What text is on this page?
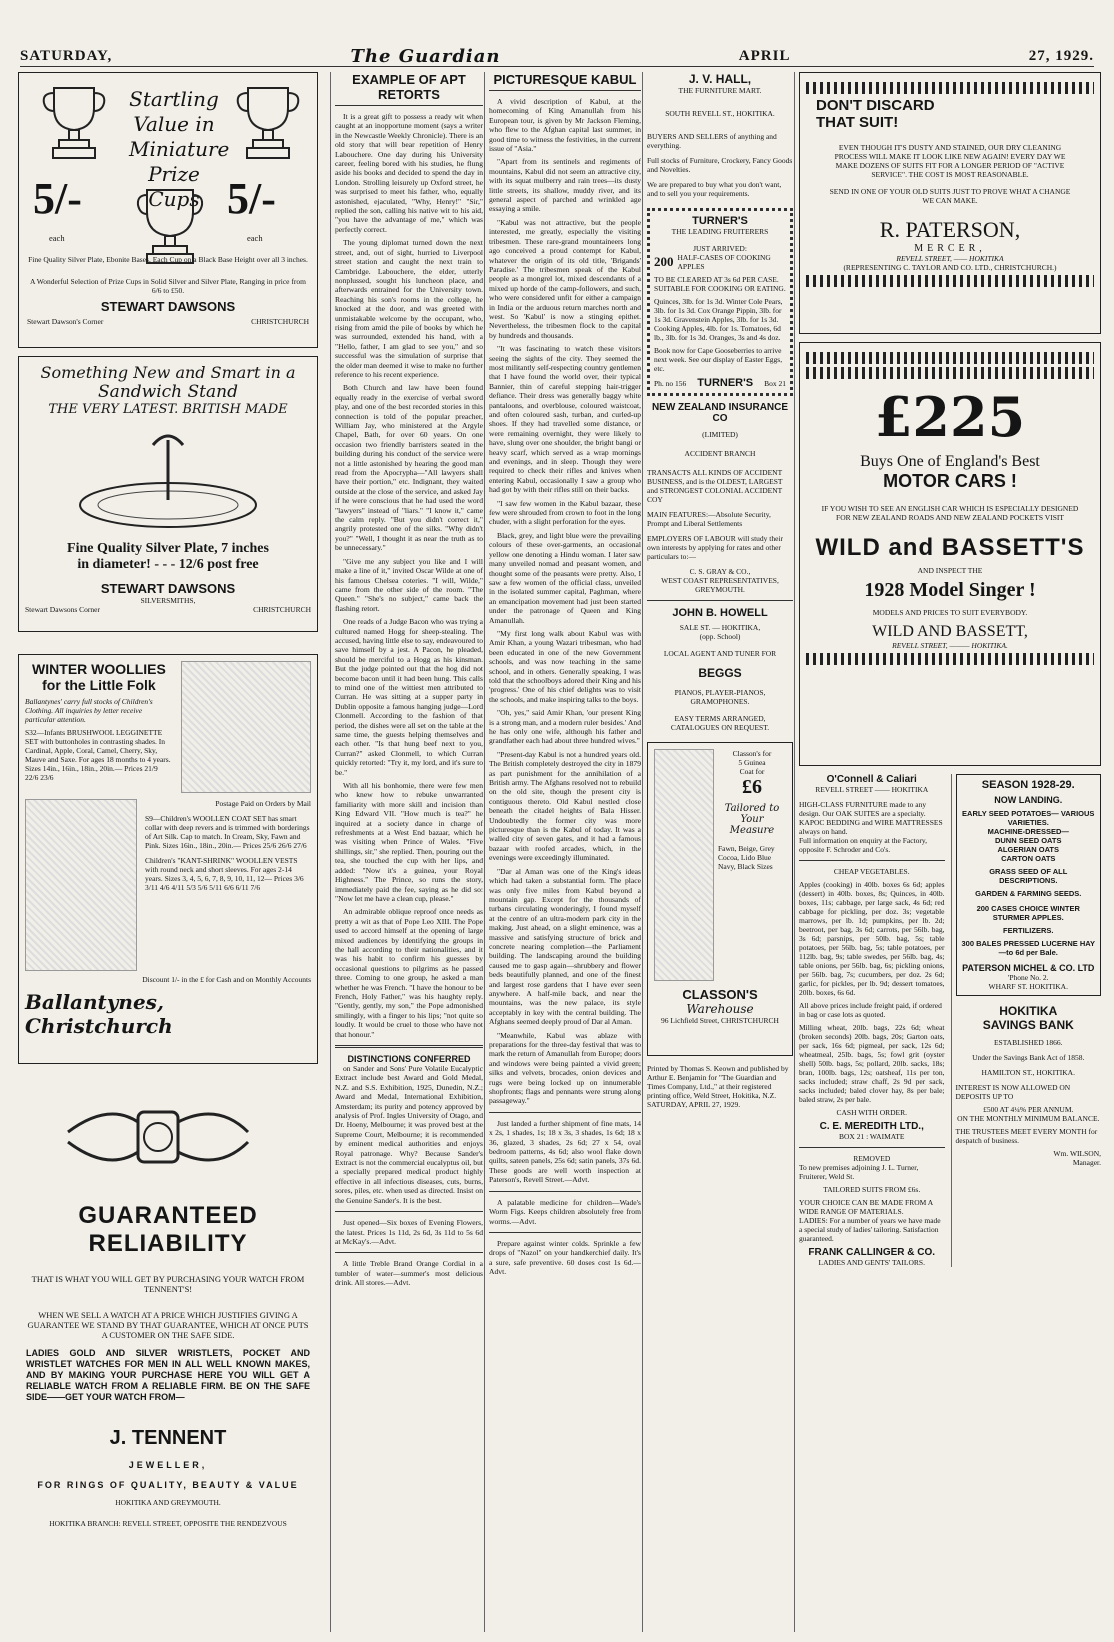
SATURDAY,	The Guardian	APRIL	27, 1929.
Startling
Value in
Miniature
Prize Cups
5/-	5/-
each	each
Fine Quality Silver Plate, Ebonite Bases. Each Cup on a Black Base Height over all 3 inches.
A Wonderful Selection of Prize Cups in Solid Silver and Silver Plate, Ranging in price from 6/6 to £50.
STEWART DAWSONS
Stewart Dawson's Corner	CHRISTCHURCH
Something New and Smart in a
Sandwich Stand
THE VERY LATEST. BRITISH MADE
Fine Quality Silver Plate, 7 inches
in diameter! - - - 12/6 post free
STEWART DAWSONS
SILVERSMITHS,
Stewart Dawsons Corner	CHRISTCHURCH
WINTER WOOLLIES
for the Little Folk
Ballantynes' carry full stocks of Children's Clothing. All inquiries by letter receive particular attention.
S32—Infants BRUSHWOOL LEGGINETTE SET with buttonholes in contrasting shades. In Cardinal, Apple, Coral, Camel, Cherry, Sky, Mauve and Saxe. For ages 18 months to 4 years. Sizes 14in., 16in., 18in., 20in.— Prices 21/9 22/6 23/6
Postage Paid on Orders by Mail
S9—Children's WOOLLEN COAT SET has smart collar with deep revers and is trimmed with borderings of Art Silk. Cap to match. In Cream, Sky, Fawn and Pink. Sizes 16in., 18in., 20in.— Prices 25/6 26/6 27/6
Children's "KANT-SHRINK" WOOLLEN VESTS with round neck and short sleeves. For ages 2-14 years. Sizes 3, 4, 5, 6, 7, 8, 9, 10, 11, 12— Prices 3/6 3/11 4/6 4/11 5/3 5/6 5/11 6/6 6/11 7/6
Discount 1/- in the £ for Cash and on Monthly Accounts
Ballantynes, Christchurch
GUARANTEED RELIABILITY
THAT IS WHAT YOU WILL GET BY PURCHASING YOUR WATCH FROM TENNENT'S!
WHEN WE SELL A WATCH AT A PRICE WHICH JUSTIFIES GIVING A GUARANTEE WE STAND BY THAT GUARANTEE, WHICH AT ONCE PUTS A CUSTOMER ON THE SAFE SIDE.
LADIES GOLD AND SILVER WRISTLETS, POCKET AND WRISTLET WATCHES FOR MEN IN ALL WELL KNOWN MAKES, AND BY MAKING YOUR PURCHASE HERE YOU WILL GET A RELIABLE WATCH FROM A RELIABLE FIRM. BE ON THE SAFE SIDE——GET YOUR WATCH FROM—
J. TENNENT
JEWELLER,
FOR RINGS OF QUALITY, BEAUTY & VALUE
HOKITIKA AND GREYMOUTH.
HOKITIKA BRANCH: REVELL STREET, OPPOSITE THE RENDEZVOUS
EXAMPLE OF APT RETORTS

It is a great gift to possess a ready wit when caught at an inopportune moment (says a writer in the Newcastle Weekly Chronicle). There is an old story that will bear repetition of Henry Labouchere. One day during his University career, feeling bored with his studies, he flung aside his books and decided to spend the day in London. Strolling leisurely up Oxford street, he was surprised to meet his father, who, equally astonished, ejaculated, "Why, Henry!" "Sir," replied the son, calling his native wit to his aid, "you have the advantage of me," which was perfectly correct.

The young diplomat turned down the next street, and, out of sight, hurried to Liverpool street station and caught the next train to Cambridge. Labouchere, the elder, utterly nonplussed, sought his luncheon place, and afterwards entrained for the University town. Reaching his son's rooms in the college, he knocked at the door, and was greeted with unmistakable welcome by the occupant, who, rising from amid the pile of books by which he was surrounded, extended his hand, with a "Hello, father, I am glad to see you," and so successful was the simulation of surprise that the older man deemed it wise to make no further reference to his recent experience.

Both Church and law have been found equally ready in the exercise of verbal sword play, and one of the best recorded stories in this connection is told of the popular preacher, William Jay, who ministered at the Argyle Chapel, Bath, for over 60 years. On one occasion two friendly barristers seated in the building during his conduct of the service were not a little astonished by hearing the good man read from the Apocrypha—"All lawyers shall have their portion," etc. Indignant, they waited outside at the close of the service, and asked Jay if he were conscious that he had used the word "lawyers" instead of "liars." "I know it," came the calm reply. "But you didn't correct it," angrily protested one of the silks. "Why didn't you?" "Well, I thought it as near the truth as to be unnecessary."

"Give me any subject you like and I will make a line of it," invited Oscar Wilde at one of his famous Chelsea coteries. "I will, Wilde," came from the other side of the room. "The Queen." "She's no subject," came back the flashing retort.

One reads of a Judge Bacon who was trying a cultured named Hogg for sheep-stealing. The accused, having little else to say, endeavoured to save himself by a jest. A Pacon, he pleaded, should be merciful to a Hogg as his kinsman. But the judge pointed out that the hog did not become bacon until it had been hung. This calls to mind one of the wittiest men attributed to Curran. He was sitting at a supper party in Dublin opposite a famous hanging judge—Lord Clonmell. According to the fashion of that period, the dishes were all set on the table at the same time, the guests helping themselves and each other. "Is that hung beef next to you, Curran?" asked Clonmell, to which Curran quickly retorted: "Try it, my lord, and it's sure to be."

With all his bonhomie, there were few men who knew how to rebuke unwarranted familiarity with more skill and incision than King Edward VII. "How much is tea?" he inquired at a society dance in charge of refreshments at a West End bazaar, which he was visiting when Prince of Wales. "Five shillings, sir," she replied. Then, pouring out the tea, she touched the cup with her lips, and added: "Now it's a guinea, your Royal Highness." The Prince, so runs the story, immediately paid the fee, saying as he did so: "Now let me have a clean cup, please."

An admirable oblique reproof once needs as pretty a wit as that of Pope Leo XIII. The Pope used to accord himself at the opening of large mixed audiences by identifying the groups in the hall according to their nationalities, and it was his habit to confirm his guesses by occasional questions to pilgrims as he passed three. Coming to one group, he asked a man whether he was French. "I have the honour to be French, Holy Father," was his haughty reply. "Gently, gently, my son," the Pope admonished smilingly, with a finger to his lips; "not quite so loudly. It would be cruel to those who have not that honour."

DISTINCTIONS CONFERRED

on Sander and Sons' Pure Volatile Eucalyptic Extract include best Award and Gold Medal, N.Z. and S.S. Exhibition, 1925, Dunedin, N.Z.; Award and Medal, International Exhibition, Amsterdam; its purity and potency approved by analysis of Prof. Ingles University of Otago, and Dr. Hoeny, Melbourne; it was proved best at the Supreme Court, Melbourne; it is recommended by eminent medical authorities and enjoys Royal patronage. Why? Because Sander's Extract is not the commercial eucalyptus oil, but a specially prepared medical product highly effective in all infectious diseases, cuts, burns, sores, piles, etc. when used as directed. Insist on the Genuine Sander's. It is the best.

Just opened—Six boxes of Evening Flowers, the latest. Prices 1s 11d, 2s 6d, 3s 11d to 5s 6d at McKay's.—Advt.

A little Treble Brand Orange Cordial in a tumbler of water—summer's most delicious drink. All stores.—Advt.

PICTURESQUE KABUL

A vivid description of Kabul, at the homecoming of King Amanullah from his European tour, is given by Mr Jackson Fleming, who flew to the Afghan capital last summer, in good time to witness the festivities, in the current issue of "Asia."

"Apart from its sentinels and regiments of mountains, Kabul did not seem an attractive city, with its squat mulberry and rain trees—its dusty little streets, its shallow, muddy river, and its general aspect of parched and wrinkled age essaying a smile.

"Kabul was not attractive, but the people interested, me greatly, especially the visiting tribesmen. These rare-grand mountaineers long ago conceived a proud contempt for Kabul, whatever the origin of its old title, 'Brigands' Paradise.' The tribesmen speak of the Kabul people as a mongrel lot, mixed descendants of a mixed up horde of the camp-followers, and such, who were considered unfit for either a campaign in India or the arduous return marches north and west. So 'Kabul' is now a stinging epithet. Nevertheless, the tribesmen flock to the capital by hundreds and thousands.

"It was fascinating to watch these visitors seeing the sights of the city. They seemed the most militantly self-respecting country gentlemen that I have found the world over, their typical Bannier, thin of careful stepping hair-trigger defiance. Their dress was generally baggy white pantaloons, and overblouse, coloured waistcoat, and often coloured sash, turban, and curled-up shoes. If they had travelled some distance, or were remaining overnight, they were likely to have, slung over one shoulder, the bright bangi or heavy scarf, which served as a wrap mornings and evenings, and in sleep. Though they were required to check their rifles and knives when entering Kabul, occasionally I saw a group who had got by with their rifles still on their backs.

"I saw few women in the Kabul bazaar, these few were shrouded from crown to foot in the long chuder, with a slight perforation for the eyes.

Black, grey, and light blue were the prevailing colours of these over-garments, an occasional yellow one denoting a Hindu woman. I later saw many unveiled nomad and peasant women, and thought some of the peasants were pretty. Also, I saw a few women of the official class, unveiled in the isolated summer capital, Paghman, where an emancipation movement had just been started under the patronage of Queen and King Amanullah.

"My first long walk about Kabul was with Amir Khan, a young Wazari tribesman, who had been educated in one of the new Government schools, and was now teaching in the same school, and in others. Generally speaking, I was told that the schoolboys adored their King and his 'progress.' One of his chief delights was to visit the schools, and make inspiring talks to the boys.

"Oh, yes," said Amir Khan, 'our present King is a strong man, and a modern ruler besides.' And he has only one wife, although his father and grandfather each had about three hundred wives."

"Present-day Kabul is not a hundred years old. The British completely destroyed the city in 1879 as part punishment for the annihilation of a British army. The Afghans resolved not to rebuild on the old site, though the present city is contiguous thereto. Old Kabul nestled close beneath the citadel heights of Bala Hisser. Undoubtedly the former city was more picturesque than is the Kabul of today. It was a walled city of seven gates, and it had a famous bazaar with roofed arcades, which, in the evenings were exceedingly illuminated.

"Dar al Aman was one of the King's ideas which had taken a substantial form. The place was only five miles from Kabul beyond a mountain gap. Except for the thousands of turbans circulating wonderingly, I found myself at the centre of an ultra-modern park city in the making. Just ahead, on a slight eminence, was a massive and satisfying structure of brick and concrete nearing completion—the Parliament building. The landscaping around the building caused me to gasp again—shrubbery and flower beds beautifully planned, and one of the finest and largest rose gardens that I have ever seen anywhere. A half-mile back, and near the mountains, was the new palace, its style acceptably in key with the central building. The Afghans seemed deeply proud of Dar al Aman.

"Meanwhile, Kabul was ablaze with preparations for the three-day festival that was to mark the return of Amanullah from Europe; doors and windows were being painted a vivid green; silks and velvets, brocades, onion devices and rugs were being locked up on innumerable shopfronts; flags and pennants were strung along passageway."

Just landed a further shipment of fine mats, 14 x 2s, 1 shades, 1s; 18 x 3s, 3 shades, 1s 6d; 18 x 36, glazed, 3 shades, 2s 6d; 27 x 54, oval bedroom patterns, 4s 6d; also wool flake down quilts, sateen panels, 25s 6d; satin panels, 37s 6d. These goods are well worth inspection at Paterson's, Revell Street.—Advt.

A palatable medicine for children—Wade's Worm Figs. Keeps children absolutely free from worms.—Advt.

Prepare against winter colds. Sprinkle a few drops of "Nazol" on your handkerchief daily. It's a sure, safe preventive. 60 doses cost 1s 6d.—Advt.

J. V. HALL,
THE FURNITURE MART.
SOUTH REVELL ST., HOKITIKA.
BUYERS AND SELLERS of anything and everything.
Full stocks of Furniture, Crockery, Fancy Goods and Novelties.
We are prepared to buy what you don't want, and to sell you your requirements.
TURNER'S
THE LEADING FRUITERERS
JUST ARRIVED:
200 HALF-CASES OF COOKING APPLES
TO BE CLEARED AT 3s 6d PER CASE. SUITABLE FOR COOKING OR EATING.
Quinces, 3lb. for 1s 3d. Winter Cole Pears, 3lb. for 1s 3d. Cox Orange Pippin, 3lb. for 1s 3d. Gravenstein Apples, 3lb. for 1s 3d. Cooking Apples, 4lb. for 1s. Tomatoes, 6d lb., 3lb. for 1s 3d. Oranges, 3s and 4s doz.
Book now for Cape Gooseberries to arrive next week. See our display of Easter Eggs, etc.
Ph. no 156 TURNER'S Box 21
NEW ZEALAND INSURANCE CO
(LIMITED)
ACCIDENT BRANCH
TRANSACTS ALL KINDS OF ACCIDENT BUSINESS, and is the OLDEST, LARGEST and STRONGEST COLONIAL ACCIDENT COY
MAIN FEATURES:—Absolute Security, Prompt and Liberal Settlements
EMPLOYERS OF LABOUR will study their own interests by applying for rates and other particulars to:—
C. S. GRAY & CO.,
WEST COAST REPRESENTATIVES,
GREYMOUTH.
JOHN B. HOWELL
SALE ST. — HOKITIKA,
(opp. School)
LOCAL AGENT AND TUNER FOR
BEGGS
PIANOS, PLAYER-PIANOS, GRAMOPHONES.
EASY TERMS ARRANGED,
CATALOGUES ON REQUEST.
Classon's for
5 Guinea
Coat for
£6
Tailored to Your Measure
Fawn, Beige, Grey Cocoa, Lido Blue Navy, Black Sizes
CLASSON'S
Warehouse
96 Lichfield Street, CHRISTCHURCH
Printed by Thomas S. Keown and published by Arthur E. Benjamin for "The Guardian and Times Company, Ltd.," at their registered printing office, Weld Street, Hokitika, N.Z. SATURDAY, APRIL 27, 1929.
DON'T DISCARD
THAT SUIT!
EVEN THOUGH IT'S DUSTY AND STAINED, OUR DRY CLEANING PROCESS WILL MAKE IT LOOK LIKE NEW AGAIN! EVERY DAY WE MAKE DOZENS OF SUITS FIT FOR A LONGER PERIOD OF "ACTIVE SERVICE". THE COST IS MOST REASONABLE.
SEND IN ONE OF YOUR OLD SUITS JUST TO PROVE WHAT A CHANGE WE CAN MAKE.
R. PATERSON,
MERCER,
REVELL STREET, —— HOKITIKA
(REPRESENTING C. TAYLOR AND CO. LTD., CHRISTCHURCH.)
£225
Buys One of England's Best
MOTOR CARS !
IF YOU WISH TO SEE AN ENGLISH CAR WHICH IS ESPECIALLY DESIGNED FOR NEW ZEALAND ROADS AND NEW ZEALAND POCKETS VISIT
WILD and BASSETT'S
AND INSPECT THE
1928 Model Singer !
MODELS AND PRICES TO SUIT EVERYBODY.
WILD AND BASSETT,
REVELL STREET, ——— HOKITIKA.
O'Connell & Caliari
REVELL STREET —— HOKITIKA
HIGH-CLASS FURNITURE made to any design. Our OAK SUITES are a specialty.
KAPOC BEDDING and WIRE MATTRESSES always on hand.
Full information on enquiry at the Factory, opposite F. Schroder and Co's.
CHEAP VEGETABLES.
Apples (cooking) in 40lb. boxes 6s 6d; apples (dessert) in 40lb. boxes, 8s; Quinces, in 40lb. boxes, 11s; cabbage, per large sack, 4s 6d; red cabbage for pickling, per doz. 3s; vegetable marrows, per lb. 1d; pumpkins, per lb. 2d; beetroot, per bag, 3s 6d; carrots, per 56lb. bag, 3s 6d; parsnips, per 50lb. bag, 5s; table potatoes, per 56lb. bag, 5s; table potatoes, per 112lb. bag, 9s; table swedes, per 56lb. bag, 4s; table onions, per 56lb. bag, 6s; pickling onions, per 56lb. bag, 7s; cucumbers, per doz. 2s 6d; garlic, for pickles, per lb. 9d; dessert tomatoes, 20lb. boxes, 6s 6d.
All above prices include freight paid, if ordered in bag or case lots as quoted.
Milling wheat, 20lb. bags, 22s 6d; wheat (broken seconds) 20lb. bags, 20s; Garton oats, per sack, 16s 6d; pigmeal, per sack, 12s 6d; wheatmeal, 25lb. bags, 5s; fowl grit (oyster shell) 50lb. bags, 5s; pollard, 20lb. sacks, 18s; bran, 100lb. bags, 12s; oatsheaf, 11s per ton, sacks included; straw chaff, 2s 9d per sack, sacks included; baled clover hay, 8s per bale; baled straw, 2s per bale.
CASH WITH ORDER.
C. E. MEREDITH LTD.,
BOX 21 : WAIMATE
REMOVED
To new premises adjoining J. L. Turner, Fruiterer, Weld St.
TAILORED SUITS FROM £6s.
YOUR CHOICE CAN BE MADE FROM A WIDE RANGE OF MATERIALS.
LADIES: For a number of years we have made a special study of ladies' tailoring. Satisfaction guaranteed.
FRANK CALLINGER & CO.
LADIES AND GENTS' TAILORS.
SEASON 1928-29.
NOW LANDING.
EARLY SEED POTATOES— VARIOUS VARIETIES.
MACHINE-DRESSED—
DUNN SEED OATS
ALGERIAN OATS
CARTON OATS
GRASS SEED OF ALL DESCRIPTIONS.
GARDEN & FARMING SEEDS.
200 CASES CHOICE WINTER STURMER APPLES.
FERTILIZERS.
300 BALES PRESSED LUCERNE HAY—to 6d per Bale.
PATERSON MICHEL & CO. LTD
'Phone No. 2.
WHARF ST. HOKITIKA.
HOKITIKA
SAVINGS BANK
ESTABLISHED 1866.
Under the Savings Bank Act of 1858.
HAMILTON ST., HOKITIKA.
INTEREST IS NOW ALLOWED ON DEPOSITS UP TO
£500 AT 4¼% PER ANNUM.
ON THE MONTHLY MINIMUM BALANCE.
THE TRUSTEES MEET EVERY MONTH for despatch of business.
Wm. WILSON,
Manager.
